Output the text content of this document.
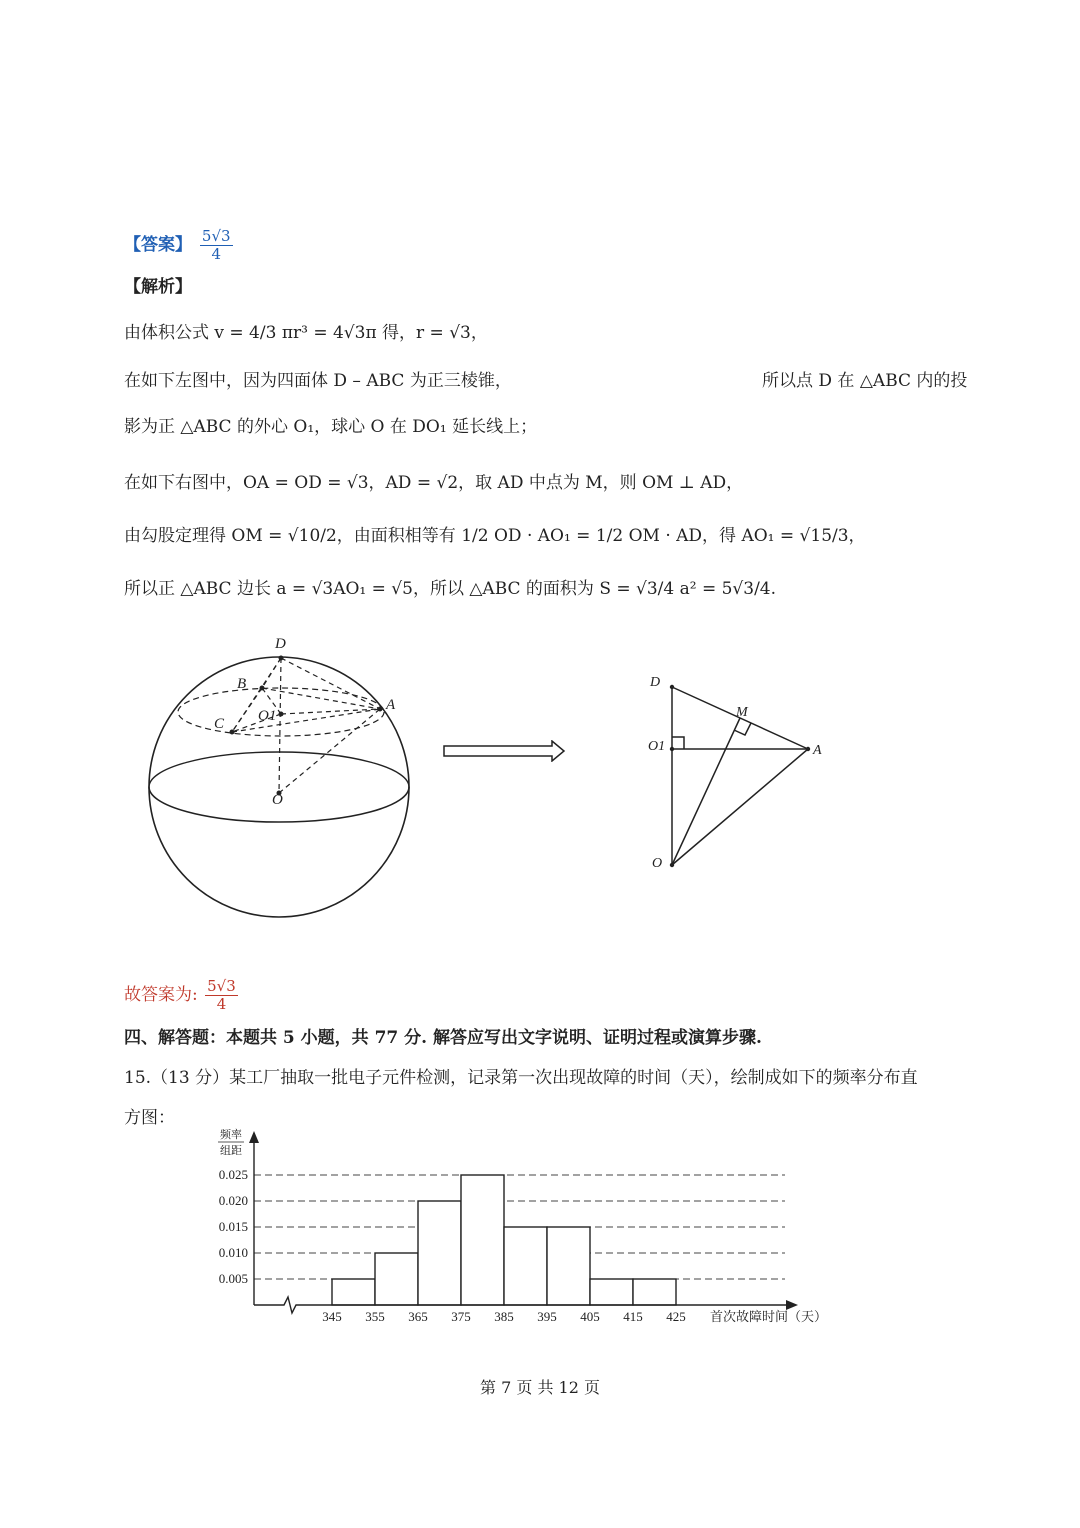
【答案】 $\frac{5√3}{4}$
【解析】
由体积公式 v = 4/3 πr³ = 4√3π 得，r = √3，
在如下左图中，因为四面体 D – ABC 为正三棱锥，	所以点 D 在 △ABC 内的投
影为正 △ABC 的外心 O₁，球心 O 在 DO₁ 延长线上；
在如下右图中，OA = OD = √3，AD = √2，取 AD 中点为 M，则 OM ⊥ AD，
由勾股定理得 OM = √10/2，由面积相等有 1/2 OD · AO₁ = 1/2 OM · AD，得 AO₁ = √15/3，
所以正 △ABC 边长 a = √3AO₁ = √5，所以 △ABC 的面积为 S = √3/4 a² = 5√3/4.
D
B
O1
C
A
O
D
M
O1	A
O
故答案为: $\frac{5√3}{4}$
四、解答题：本题共 5 小题，共 77 分. 解答应写出文字说明、证明过程或演算步骤.
15.（13 分）某工厂抽取一批电子元件检测，记录第一次出现故障的时间（天），绘制成如下的频率分布直
方图：
0.025
0.020
0.015
0.010
0.005
345 355 365 375 385 395 405 415 425
频率
组距
首次故障时间（天）
第 7 页 共 12 页
